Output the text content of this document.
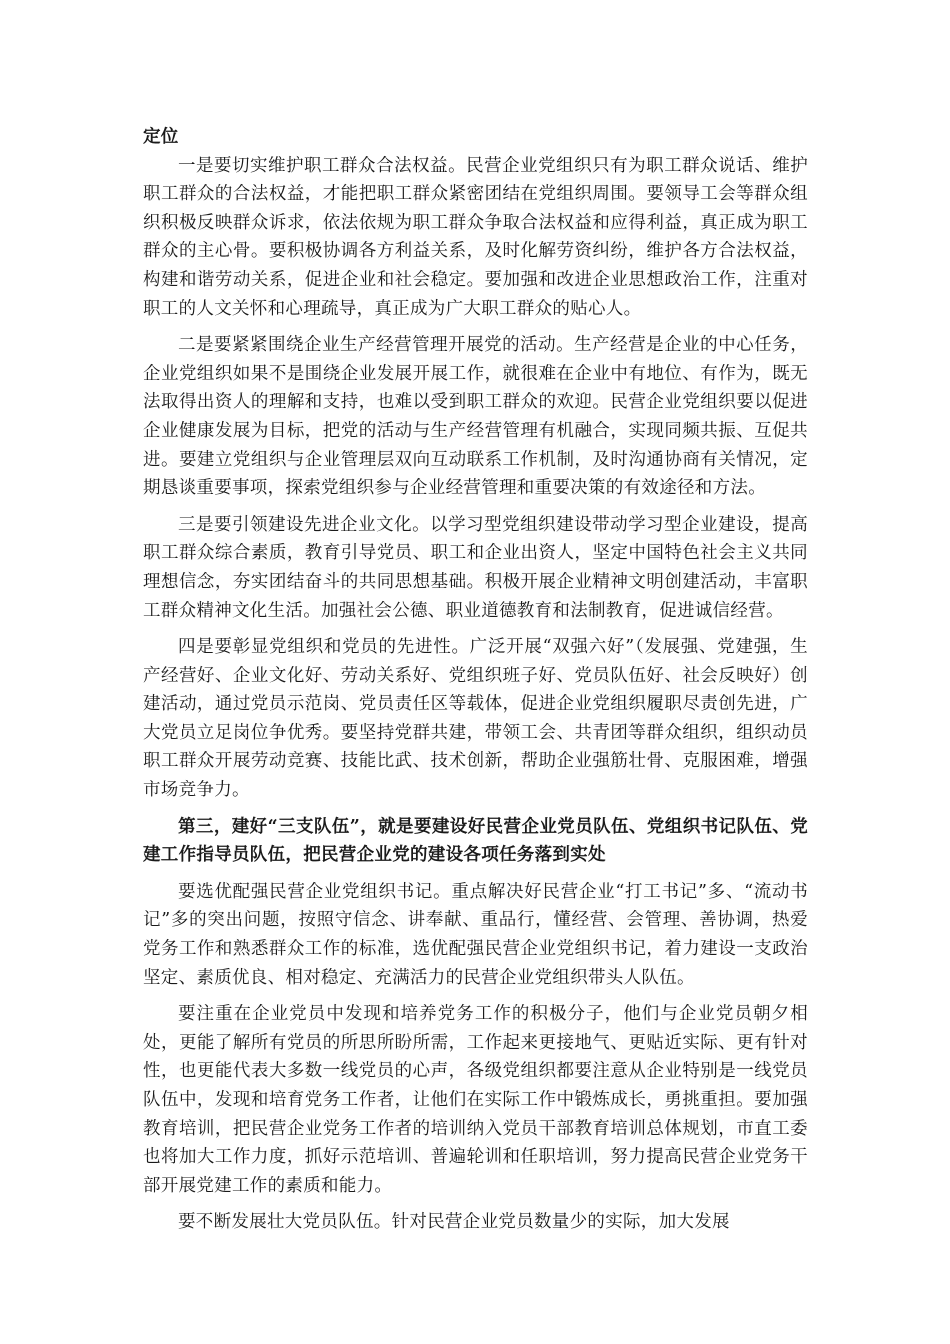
定位

一是要切实维护职工群众合法权益。民营企业党组织只有为职工群众说话、维护职工群众的合法权益，才能把职工群众紧密团结在党组织周围。要领导工会等群众组织积极反映群众诉求，依法依规为职工群众争取合法权益和应得利益，真正成为职工群众的主心骨。要积极协调各方利益关系，及时化解劳资纠纷，维护各方合法权益，构建和谐劳动关系，促进企业和社会稳定。要加强和改进企业思想政治工作，注重对职工的人文关怀和心理疏导，真正成为广大职工群众的贴心人。

二是要紧紧围绕企业生产经营管理开展党的活动。生产经营是企业的中心任务，企业党组织如果不是围绕企业发展开展工作，就很难在企业中有地位、有作为，既无法取得出资人的理解和支持，也难以受到职工群众的欢迎。民营企业党组织要以促进企业健康发展为目标，把党的活动与生产经营管理有机融合，实现同频共振、互促共进。要建立党组织与企业管理层双向互动联系工作机制，及时沟通协商有关情况，定期恳谈重要事项，探索党组织参与企业经营管理和重要决策的有效途径和方法。

三是要引领建设先进企业文化。以学习型党组织建设带动学习型企业建设，提高职工群众综合素质，教育引导党员、职工和企业出资人，坚定中国特色社会主义共同理想信念，夯实团结奋斗的共同思想基础。积极开展企业精神文明创建活动，丰富职工群众精神文化生活。加强社会公德、职业道德教育和法制教育，促进诚信经营。

四是要彰显党组织和党员的先进性。广泛开展“双强六好”（发展强、党建强，生产经营好、企业文化好、劳动关系好、党组织班子好、党员队伍好、社会反映好）创建活动，通过党员示范岗、党员责任区等载体，促进企业党组织履职尽责创先进，广大党员立足岗位争优秀。要坚持党群共建，带领工会、共青团等群众组织，组织动员职工群众开展劳动竞赛、技能比武、技术创新，帮助企业强筋壮骨、克服困难，增强市场竞争力。

第三，建好“三支队伍”，就是要建设好民营企业党员队伍、党组织书记队伍、党建工作指导员队伍，把民营企业党的建设各项任务落到实处

要选优配强民营企业党组织书记。重点解决好民营企业“打工书记”多、“流动书记”多的突出问题，按照守信念、讲奉献、重品行，懂经营、会管理、善协调，热爱党务工作和熟悉群众工作的标准，选优配强民营企业党组织书记，着力建设一支政治坚定、素质优良、相对稳定、充满活力的民营企业党组织带头人队伍。

要注重在企业党员中发现和培养党务工作的积极分子，他们与企业党员朝夕相处，更能了解所有党员的所思所盼所需，工作起来更接地气、更贴近实际、更有针对性，也更能代表大多数一线党员的心声，各级党组织都要注意从企业特别是一线党员队伍中，发现和培育党务工作者，让他们在实际工作中锻炼成长，勇挑重担。要加强教育培训，把民营企业党务工作者的培训纳入党员干部教育培训总体规划，市直工委也将加大工作力度，抓好示范培训、普遍轮训和任职培训，努力提高民营企业党务干部开展党建工作的素质和能力。

要不断发展壮大党员队伍。针对民营企业党员数量少的实际，加大发展
